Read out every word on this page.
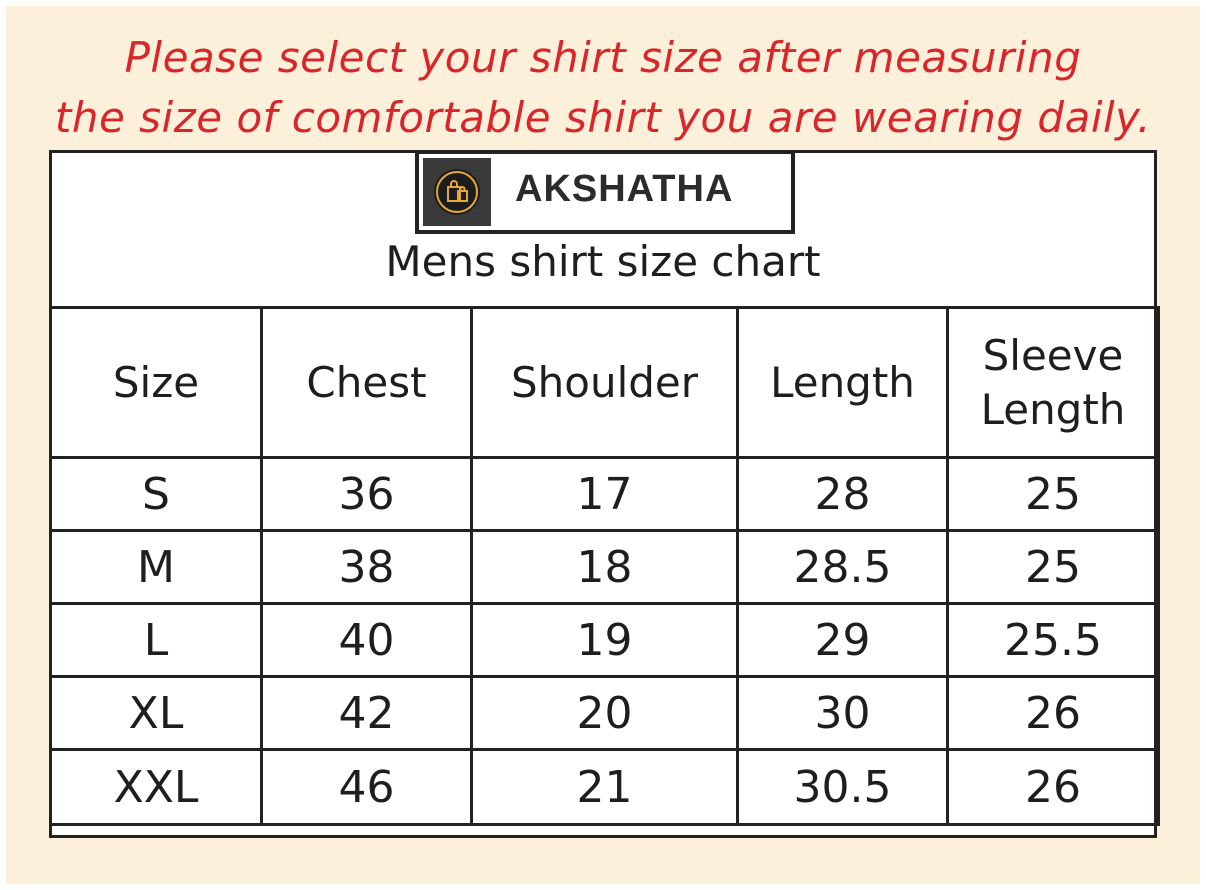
Please select your shirt size after measuring
the size of comfortable shirt you are wearing daily.
AKSHATHA
Mens shirt size chart
Size	Chest	Shoulder	Length	Sleeve Length
S	36	17	28	25
M	38	18	28.5	25
L	40	19	29	25.5
XL	42	20	30	26
XXL	46	21	30.5	26
